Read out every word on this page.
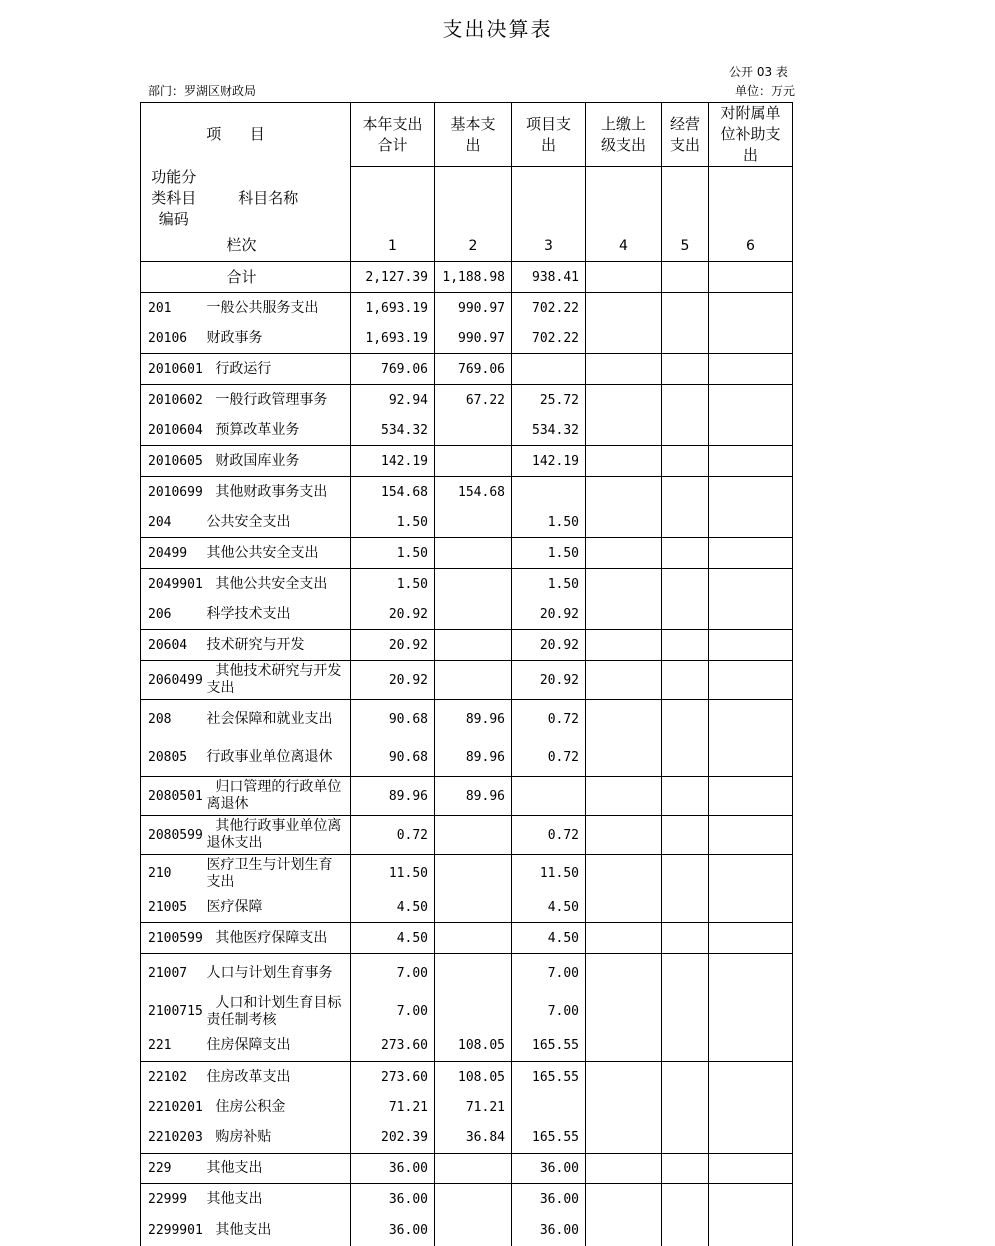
支出决算表
公开 03 表
部门：罗湖区财政局	单位：万元
项      目		本年支出合计	基本支出	项目支出	上缴上级支出	经营支出	对附属单位补助支出
功能分类科目编码	科目名称						
	栏次	1	2	3	4	5	6
	合计	2,127.39	1,188.98	938.41			
201	一般公共服务支出	1,693.19	990.97	702.22			
20106	财政事务	1,693.19	990.97	702.22			
2010601	行政运行	769.06	769.06				
2010602	一般行政管理事务	92.94	67.22	25.72			
2010604	预算改革业务	534.32		534.32			
2010605	财政国库业务	142.19		142.19			
2010699	其他财政事务支出	154.68	154.68				
204	公共安全支出	1.50		1.50			
20499	其他公共安全支出	1.50		1.50			
2049901	其他公共安全支出	1.50		1.50			
206	科学技术支出	20.92		20.92			
20604	技术研究与开发	20.92		20.92			
2060499	其他技术研究与开发支出	20.92		20.92			
208	社会保障和就业支出	90.68	89.96	0.72			
20805	行政事业单位离退休	90.68	89.96	0.72			
2080501	归口管理的行政单位离退休	89.96	89.96				
2080599	其他行政事业单位离退休支出	0.72		0.72			
210	医疗卫生与计划生育支出	11.50		11.50			
21005	医疗保障	4.50		4.50			
2100599	其他医疗保障支出	4.50		4.50			
21007	人口与计划生育事务	7.00		7.00			
2100715	人口和计划生育目标责任制考核	7.00		7.00			
221	住房保障支出	273.60	108.05	165.55			
22102	住房改革支出	273.60	108.05	165.55			
2210201	住房公积金	71.21	71.21				
2210203	购房补贴	202.39	36.84	165.55			
229	其他支出	36.00		36.00			
22999	其他支出	36.00		36.00			
2299901	其他支出	36.00		36.00			
